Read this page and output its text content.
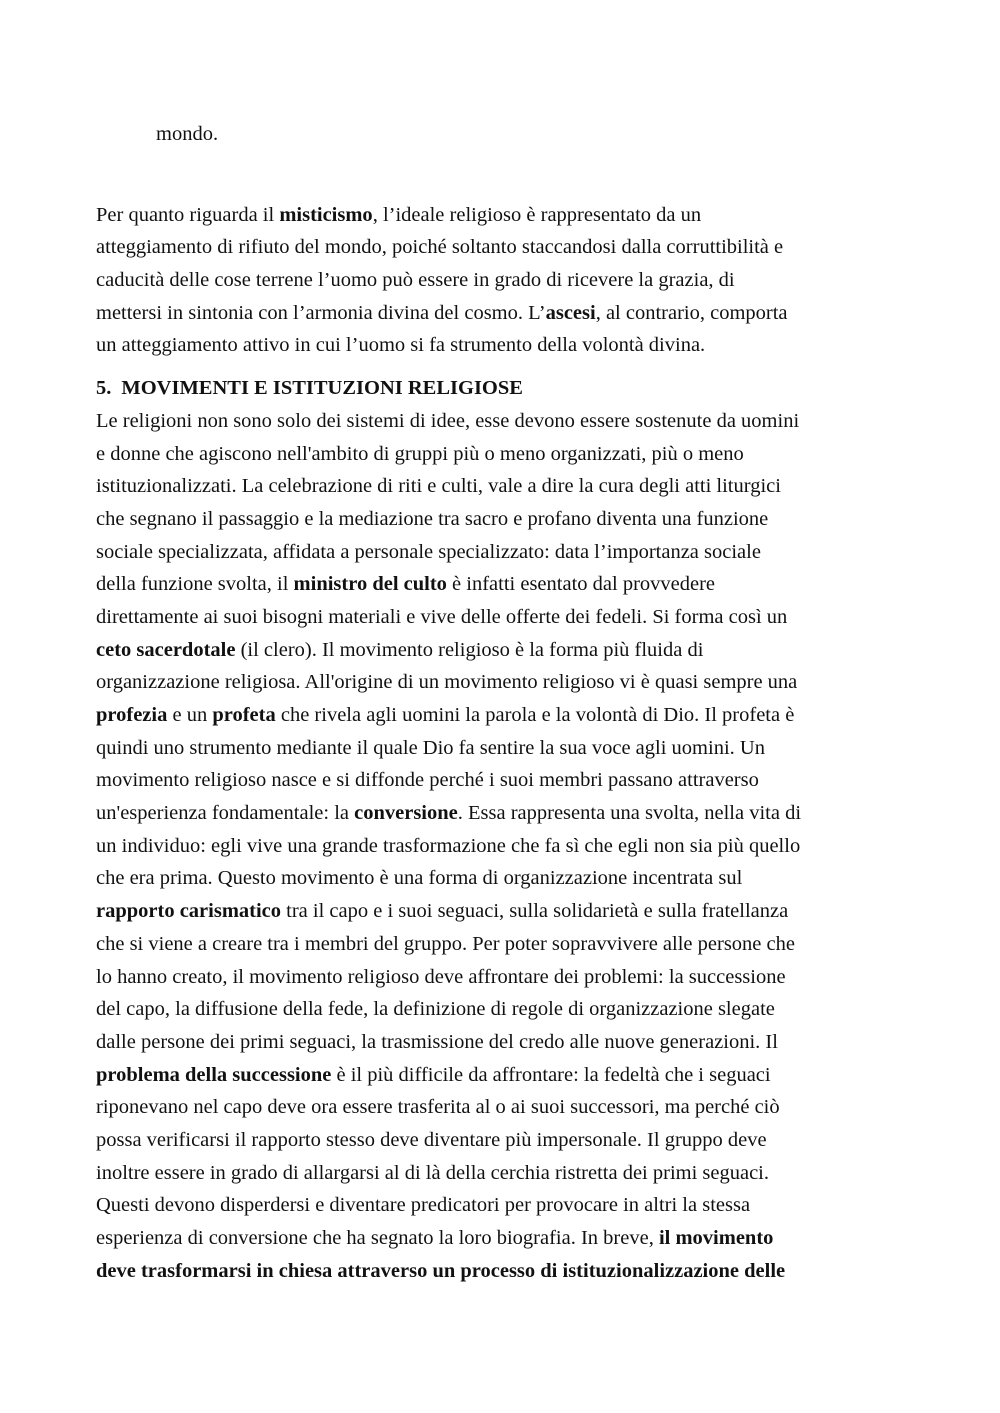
mondo.
Per quanto riguarda il misticismo, l’ideale religioso è rappresentato da un
atteggiamento di rifiuto del mondo, poiché soltanto staccandosi dalla corruttibilità e
caducità delle cose terrene l’uomo può essere in grado di ricevere la grazia, di
mettersi in sintonia con l’armonia divina del cosmo. L’ascesi, al contrario, comporta
un atteggiamento attivo in cui l’uomo si fa strumento della volontà divina.
5. MOVIMENTI E ISTITUZIONI RELIGIOSE
Le religioni non sono solo dei sistemi di idee, esse devono essere sostenute da uomini
e donne che agiscono nell'ambito di gruppi più o meno organizzati, più o meno
istituzionalizzati. La celebrazione di riti e culti, vale a dire la cura degli atti liturgici
che segnano il passaggio e la mediazione tra sacro e profano diventa una funzione
sociale specializzata, affidata a personale specializzato: data l’importanza sociale
della funzione svolta, il ministro del culto è infatti esentato dal provvedere
direttamente ai suoi bisogni materiali e vive delle offerte dei fedeli. Si forma così un
ceto sacerdotale (il clero). Il movimento religioso è la forma più fluida di
organizzazione religiosa. All'origine di un movimento religioso vi è quasi sempre una
profezia e un profeta che rivela agli uomini la parola e la volontà di Dio. Il profeta è
quindi uno strumento mediante il quale Dio fa sentire la sua voce agli uomini. Un
movimento religioso nasce e si diffonde perché i suoi membri passano attraverso
un'esperienza fondamentale: la conversione. Essa rappresenta una svolta, nella vita di
un individuo: egli vive una grande trasformazione che fa sì che egli non sia più quello
che era prima. Questo movimento è una forma di organizzazione incentrata sul
rapporto carismatico tra il capo e i suoi seguaci, sulla solidarietà e sulla fratellanza
che si viene a creare tra i membri del gruppo. Per poter sopravvivere alle persone che
lo hanno creato, il movimento religioso deve affrontare dei problemi: la successione
del capo, la diffusione della fede, la definizione di regole di organizzazione slegate
dalle persone dei primi seguaci, la trasmissione del credo alle nuove generazioni. Il
problema della successione è il più difficile da affrontare: la fedeltà che i seguaci
riponevano nel capo deve ora essere trasferita al o ai suoi successori, ma perché ciò
possa verificarsi il rapporto stesso deve diventare più impersonale. Il gruppo deve
inoltre essere in grado di allargarsi al di là della cerchia ristretta dei primi seguaci.
Questi devono disperdersi e diventare predicatori per provocare in altri la stessa
esperienza di conversione che ha segnato la loro biografia. In breve, il movimento
deve trasformarsi in chiesa attraverso un processo di istituzionalizzazione delle
